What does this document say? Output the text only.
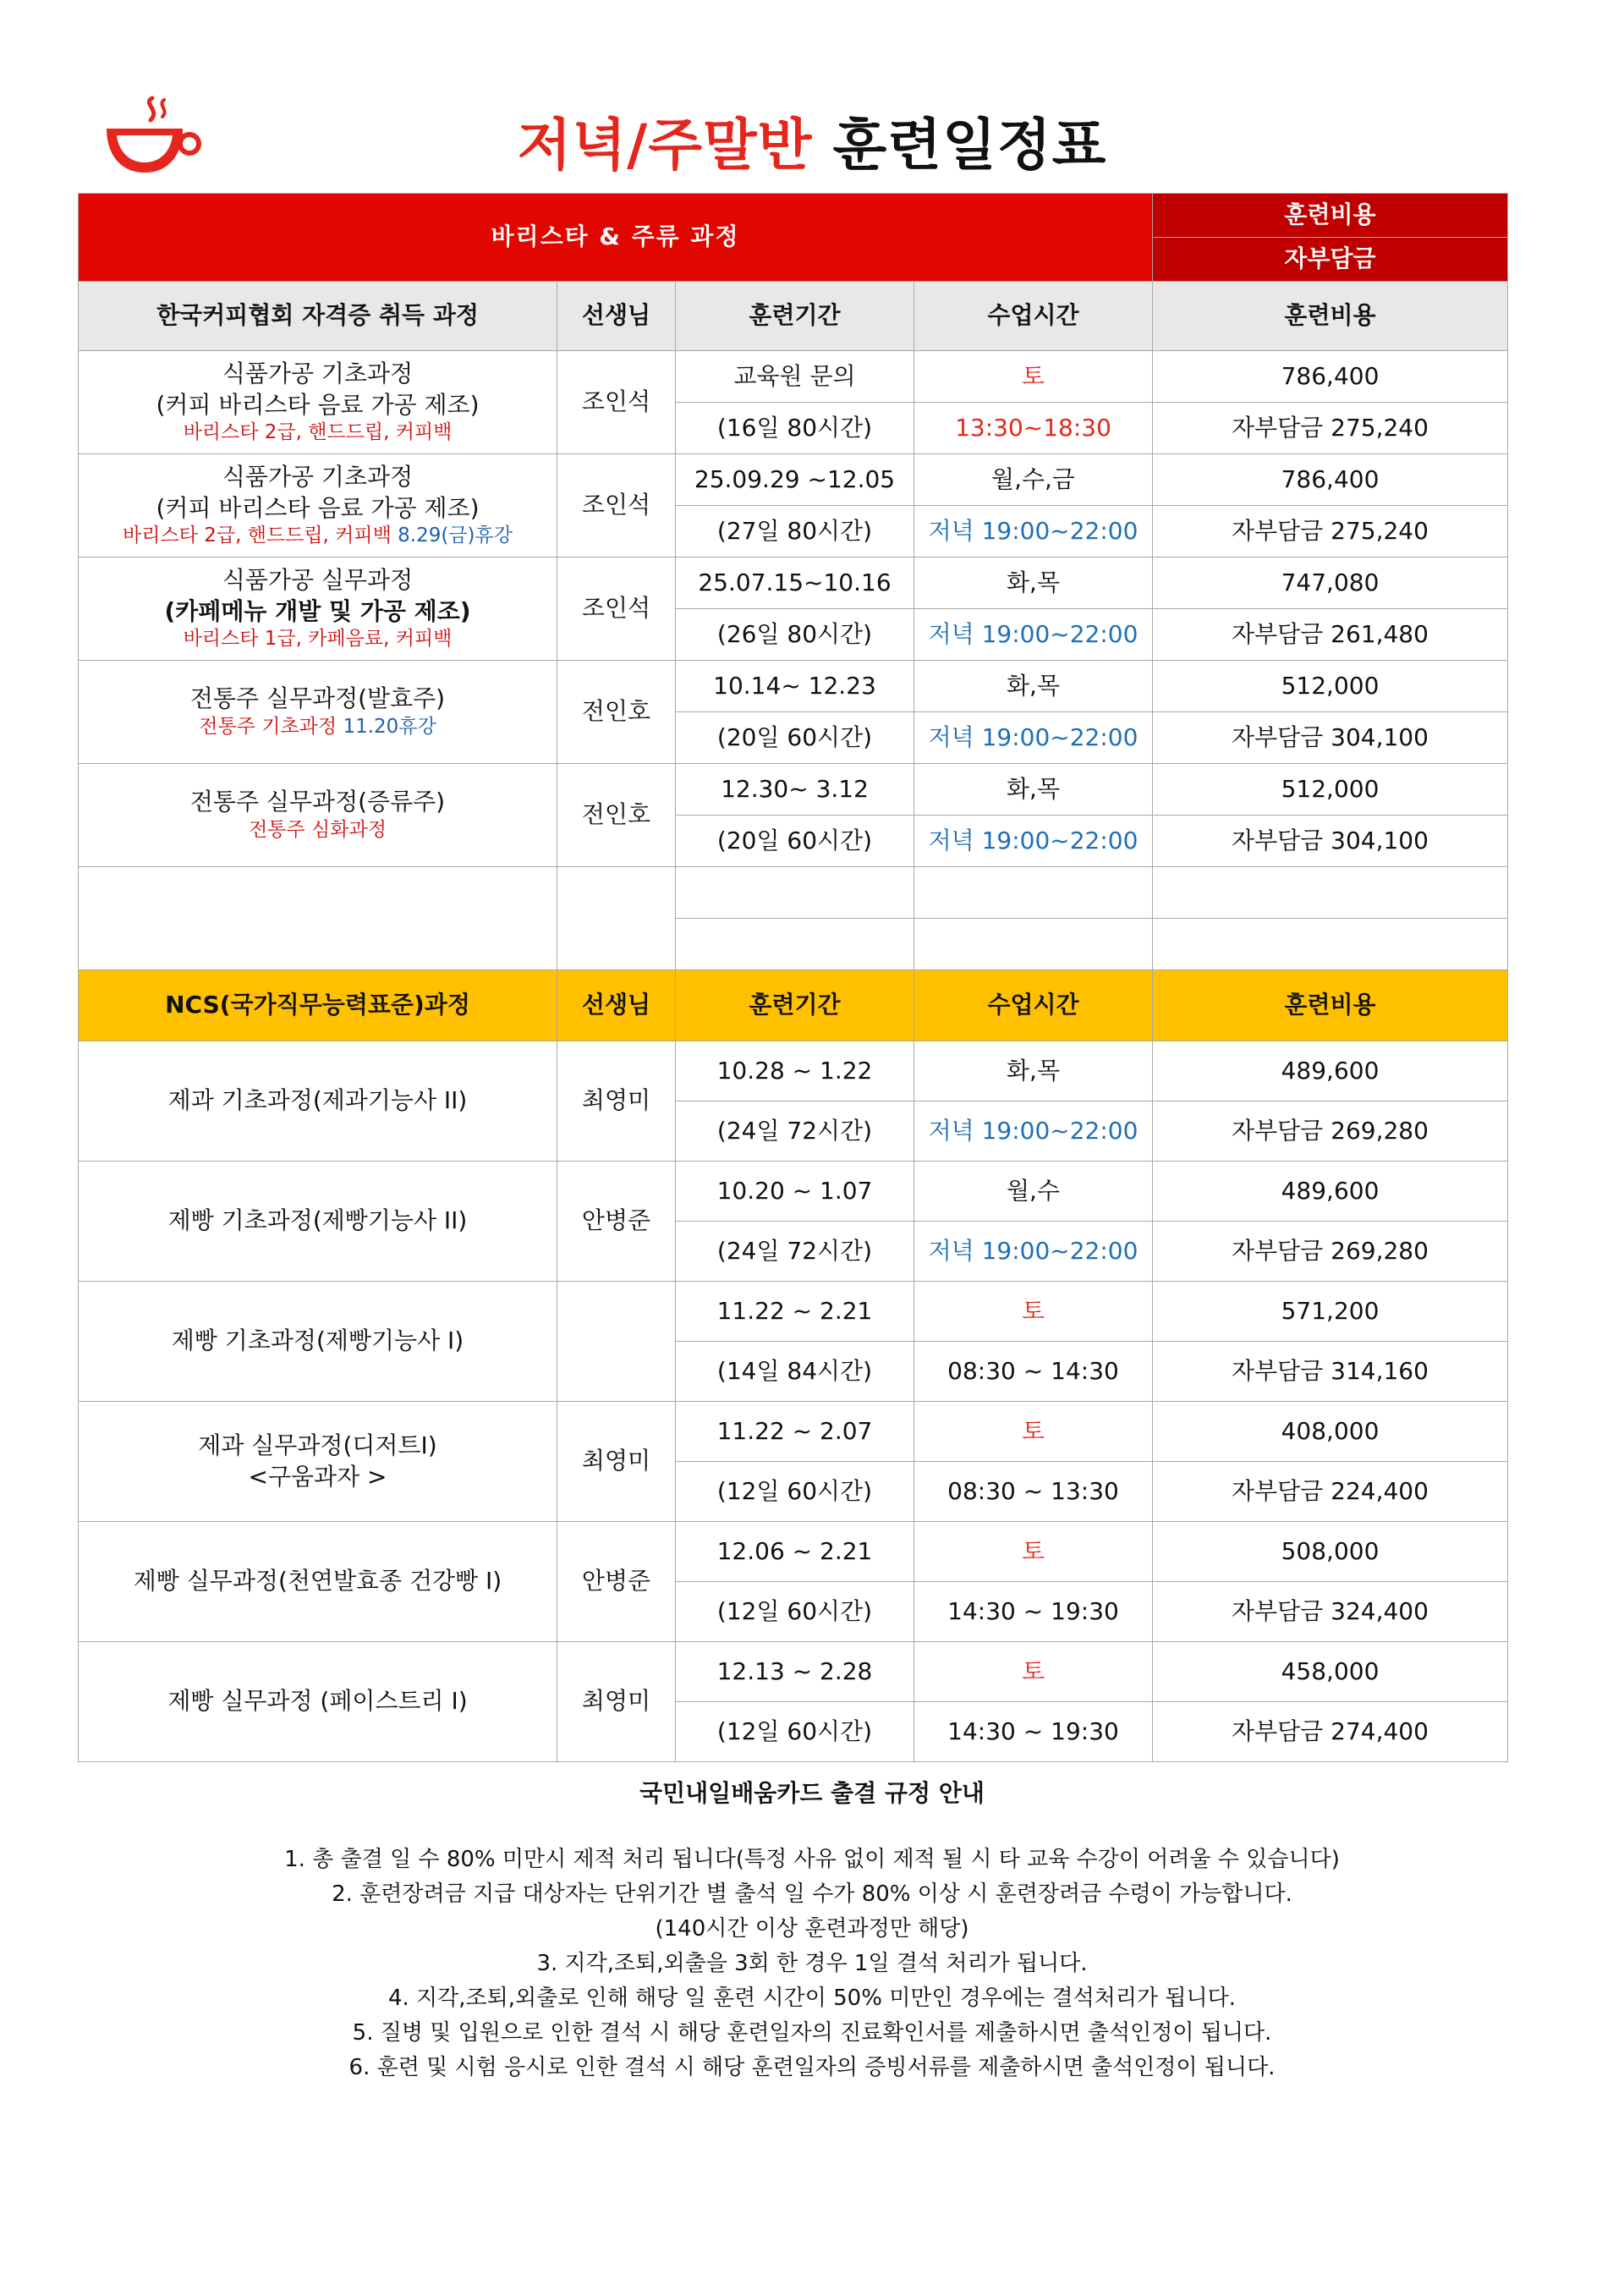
저녁/주말반 훈련일정표
바리스타 & 주류 과정				훈련비용
				자부담금
한국커피협회 자격증 취득 과정	선생님	훈련기간	수업시간	훈련비용

식품가공 기초과정
(커피 바리스타 음료 가공 제조)
바리스타 2급, 핸드드립, 커피백	조인석	교육원 문의	토	786,400
		(16일 80시간)	13:30~18:30	자부담금 275,240

식품가공 기초과정
(커피 바리스타 음료 가공 제조)
바리스타 2급, 핸드드립, 커피백 8.29(금)휴강	조인석	25.09.29 ~12.05	월,수,금	786,400
		(27일 80시간)	저녁 19:00~22:00	자부담금 275,240

식품가공 실무과정
(카페메뉴 개발 및 가공 제조)
바리스타 1급, 카페음료, 커피백	조인석	25.07.15~10.16	화,목	747,080
		(26일 80시간)	저녁 19:00~22:00	자부담금 261,480

전통주 실무과정(발효주)
전통주 기초과정 11.20휴강	전인호	10.14~ 12.23	화,목	512,000
		(20일 60시간)	저녁 19:00~22:00	자부담금 304,100

전통주 실무과정(증류주)
전통주 심화과정	전인호	12.30~ 3.12	화,목	512,000
		(20일 60시간)	저녁 19:00~22:00	자부담금 304,100

NCS(국가직무능력표준)과정	선생님	훈련기간	수업시간	훈련비용

제과 기초과정(제과기능사 II)	최영미	10.28 ~ 1.22	화,목	489,600
		(24일 72시간)	저녁 19:00~22:00	자부담금 269,280

제빵 기초과정(제빵기능사 II)	안병준	10.20 ~ 1.07	월,수	489,600
		(24일 72시간)	저녁 19:00~22:00	자부담금 269,280

제빵 기초과정(제빵기능사 I)		11.22 ~ 2.21	토	571,200
		(14일 84시간)	08:30 ~ 14:30	자부담금 314,160

제과 실무과정(디저트I)
<구움과자 >	최영미	11.22 ~ 2.07	토	408,000
		(12일 60시간)	08:30 ~ 13:30	자부담금 224,400

제빵 실무과정(천연발효종 건강빵 I)	안병준	12.06 ~ 2.21	토	508,000
		(12일 60시간)	14:30 ~ 19:30	자부담금 324,400

제빵 실무과정 (페이스트리 I)	최영미	12.13 ~ 2.28	토	458,000
		(12일 60시간)	14:30 ~ 19:30	자부담금 274,400
국민내일배움카드 출결 규정 안내
1. 총 출결 일 수 80% 미만시 제적 처리 됩니다(특정 사유 없이 제적 될 시 타 교육 수강이 어려울 수 있습니다)
2. 훈련장려금 지급 대상자는 단위기간 별 출석 일 수가 80% 이상 시 훈련장려금 수령이 가능합니다.
(140시간 이상 훈련과정만 해당)
3. 지각,조퇴,외출을 3회 한 경우 1일 결석 처리가 됩니다.
4. 지각,조퇴,외출로 인해 해당 일 훈련 시간이 50% 미만인 경우에는 결석처리가 됩니다.
5. 질병 및 입원으로 인한 결석 시 해당 훈련일자의 진료확인서를 제출하시면 출석인정이 됩니다.
6. 훈련 및 시험 응시로 인한 결석 시 해당 훈련일자의 증빙서류를 제출하시면 출석인정이 됩니다.
